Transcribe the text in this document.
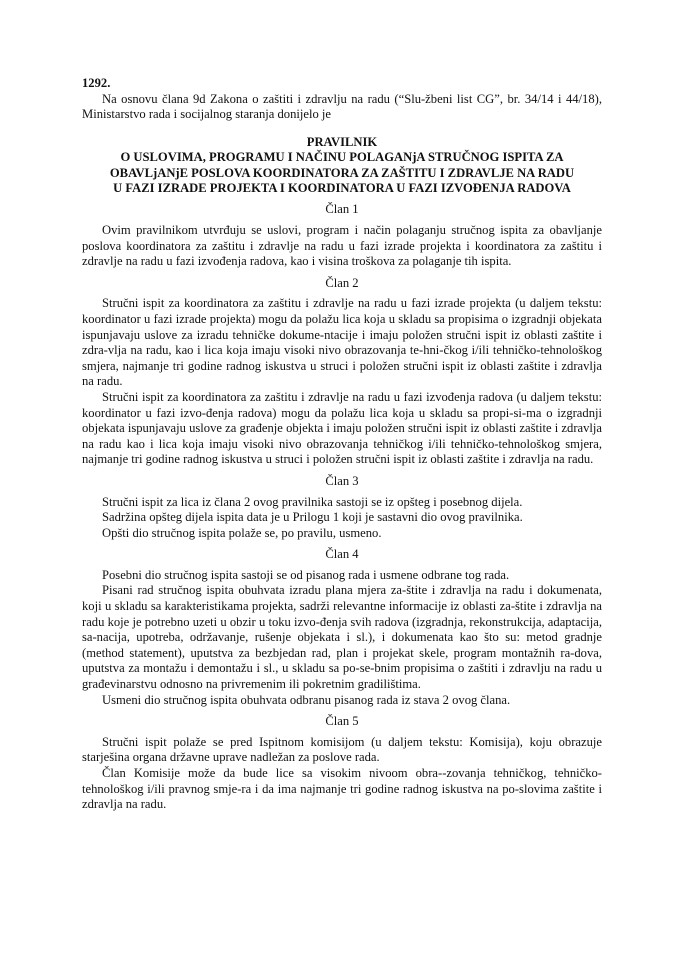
1292.

Na osnovu člana 9d Zakona o zaštiti i zdravlju na radu (“Slu-žbeni list CG”, br. 34/14 i 44/18), Ministarstvo rada i socijalnog staranja donijelo je

PRAVILNIK

O USLOVIMA, PROGRAMU I NAČINU POLAGANjA STRUČNOG ISPITA ZA

OBAVLjANjE POSLOVA KOORDINATORA ZA ZAŠTITU I ZDRAVLJE NA RADU

U FAZI IZRADE PROJEKTA I KOORDINATORA U FAZI IZVOĐENJA RADOVA

Član 1

Ovim pravilnikom utvrđuju se uslovi, program i način polaganju stručnog ispita za obavljanje poslova koordinatora za zaštitu i zdravlje na radu u fazi izrade projekta i koordinatora za zaštitu i zdravlje na radu u fazi izvođenja radova, kao i visina troškova za polaganje tih ispita.

Član 2

Stručni ispit za koordinatora za zaštitu i zdravlje na radu u fazi izrade projekta (u daljem tekstu: koordinator u fazi izrade projekta) mogu da polažu lica koja u skladu sa propisima o izgradnji objekata ispunjavaju uslove za izradu tehničke dokume-ntacije i imaju položen stručni ispit iz oblasti zaštite i zdra-vlja na radu, kao i lica koja imaju visoki nivo obrazovanja te-hni-čkog i/ili tehničko-tehnološkog smjera, najmanje tri godine radnog iskustva u struci i položen stručni ispit iz oblasti zaštite i zdravlja na radu.

Stručni ispit za koordinatora za zaštitu i zdravlje na radu u fazi izvođenja radova (u daljem tekstu: koordinator u fazi izvo-đenja radova) mogu da polažu lica koja u skladu sa propi-si-ma o izgradnji objekata ispunjavaju uslove za građenje objekta i imaju položen stručni ispit iz oblasti zaštite i zdravlja na radu kao i lica koja imaju visoki nivo obrazovanja tehničkog i/ili tehničko-tehnološkog smjera, najmanje tri godine radnog iskustva u struci i položen stručni ispit iz oblasti zaštite i zdravlja na radu.

Član 3

Stručni ispit za lica iz člana 2 ovog pravilnika sastoji se iz opšteg i posebnog dijela.

Sadržina opšteg dijela ispita data je u Prilogu 1 koji je sastavni dio ovog pravilnika.

Opšti dio stručnog ispita polaže se, po pravilu, usmeno.

Član 4

Posebni dio stručnog ispita sastoji se od pisanog rada i usmene odbrane tog rada.

Pisani rad stručnog ispita obuhvata izradu plana mjera za-štite i zdravlja na radu i dokumenata, koji u skladu sa karakteristikama projekta, sadrži relevantne informacije iz oblasti za-štite i zdravlja na radu koje je potrebno uzeti u obzir u toku izvo-đenja svih radova (izgradnja, rekonstrukcija, adaptacija, sa-nacija, upotreba, održavanje, rušenje objekata i sl.), i dokumenata kao što su: metod gradnje (method statement), uputstva za bezbjedan rad, plan i projekat skele, program montažnih ra-dova, uputstva za montažu i demontažu i sl., u skladu sa po-se-bnim propisima o zaštiti i zdravlju na radu u građevinarstvu odnosno na privremenim ili pokretnim gradilištima.

Usmeni dio stručnog ispita obuhvata odbranu pisanog rada iz stava 2 ovog člana.

Član 5

Stručni ispit polaže se pred Ispitnom komisijom (u daljem tekstu: Komisija), koju obrazuje starješina organa državne uprave nadležan za poslove rada.

Član Komisije može da bude lice sa visokim nivoom obra--zovanja tehničkog, tehničko-tehnološkog i/ili pravnog smje-ra i da ima najmanje tri godine radnog iskustva na po-slovima zaštite i zdravlja na radu.
